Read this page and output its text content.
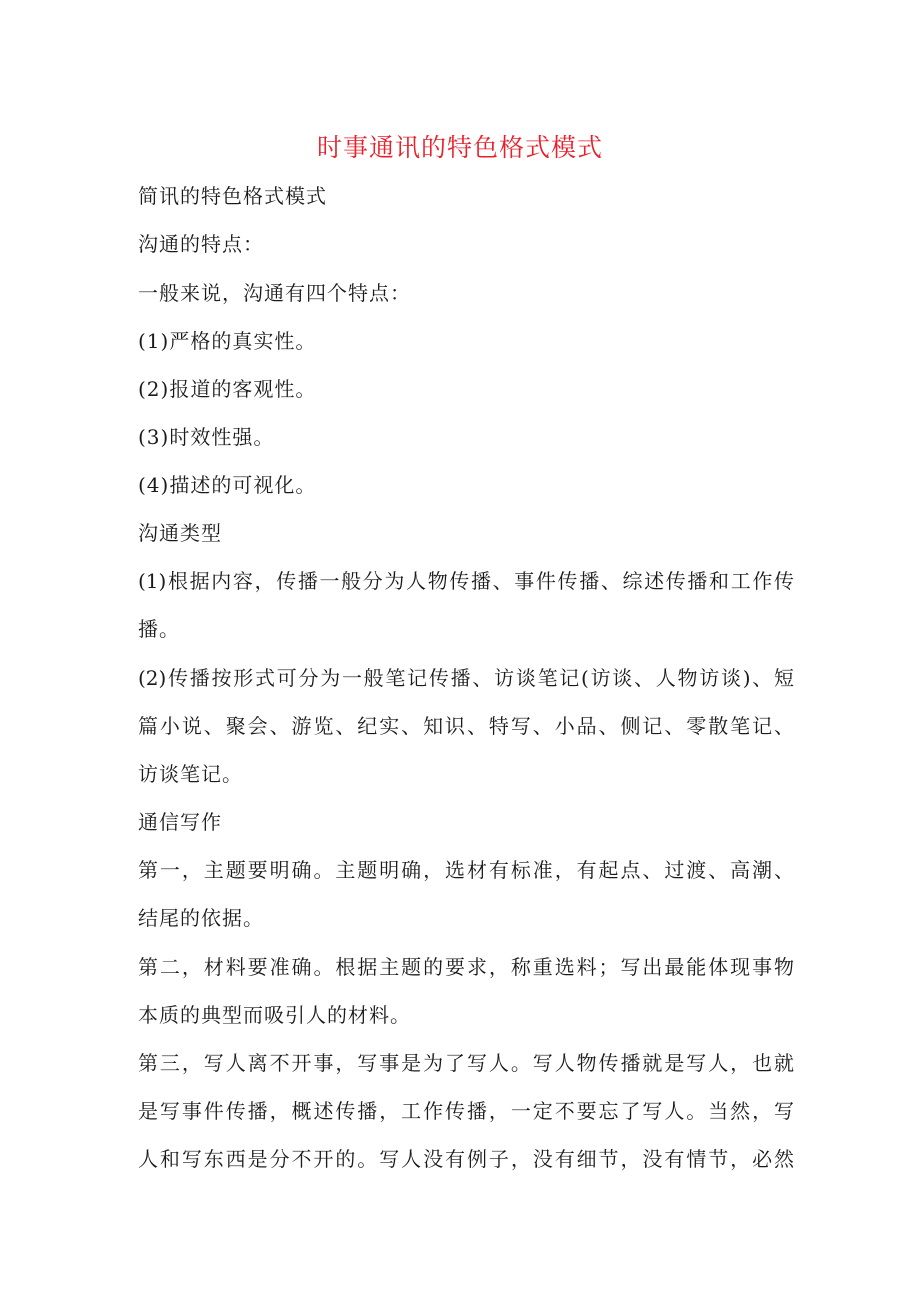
时事通讯的特色格式模式
简讯的特色格式模式
沟通的特点：
一般来说，沟通有四个特点：
(1)严格的真实性。
(2)报道的客观性。
(3)时效性强。
(4)描述的可视化。
沟通类型
(1)根据内容，传播一般分为人物传播、事件传播、综述传播和工作传
播。
(2)传播按形式可分为一般笔记传播、访谈笔记(访谈、人物访谈)、短
篇小说、聚会、游览、纪实、知识、特写、小品、侧记、零散笔记、
访谈笔记。
通信写作
第一，主题要明确。主题明确，选材有标准，有起点、过渡、高潮、
结尾的依据。
第二，材料要准确。根据主题的要求，称重选料；写出最能体现事物
本质的典型而吸引人的材料。
第三，写人离不开事，写事是为了写人。写人物传播就是写人，也就
是写事件传播，概述传播，工作传播，一定不要忘了写人。当然，写
人和写东西是分不开的。写人没有例子，没有细节，没有情节，必然
